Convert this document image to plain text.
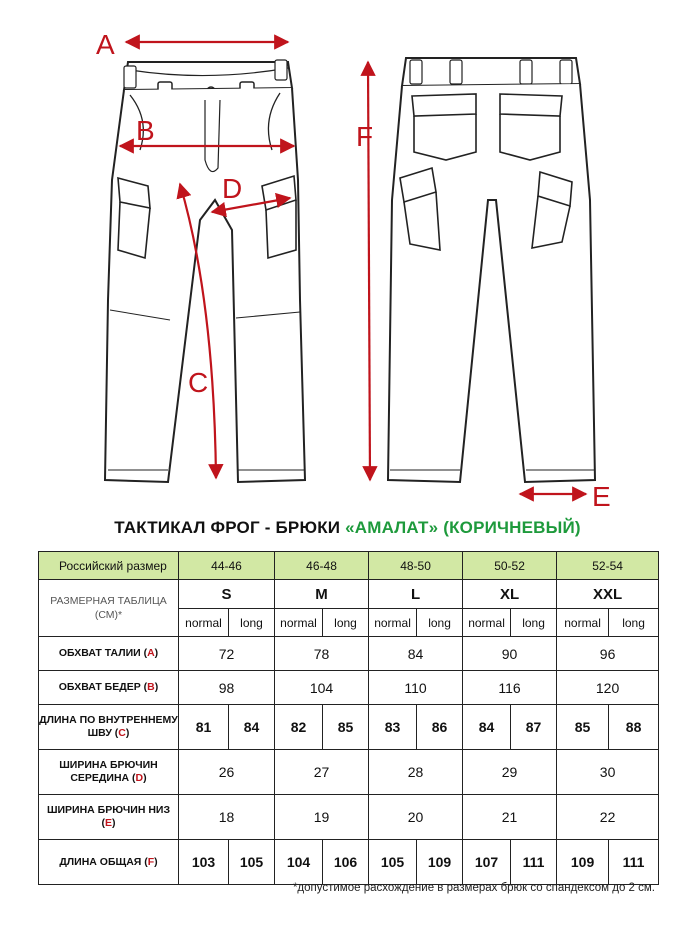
A
B
C
D
E
F
ТАКТИКАЛ ФРОГ - БРЮКИ «АМАЛАТ» (КОРИЧНЕВЫЙ)
Российский размер	44-46		46-48		48-50		50-52		52-54	
РАЗМЕРНАЯ ТАБЛИЦА (СМ)*	S		M		L		XL		XXL	
	normal	long	normal	long	normal	long	normal	long	normal	long
ОБХВАТ ТАЛИИ (A)	72		78		84		90		96	
ОБХВАТ БЕДЕР (B)	98		104		110		116		120	
ДЛИНА ПО ВНУТРЕННЕМУ ШВУ (C)	81	84	82	85	83	86	84	87	85	88
ШИРИНА БРЮЧИН СЕРЕДИНА (D)	26		27		28		29		30	
ШИРИНА БРЮЧИН НИЗ (E)	18		19		20		21		22	
ДЛИНА ОБЩАЯ (F)	103	105	104	106	105	109	107	111	109	111
*допустимое расхождение в размерах брюк со спандексом до 2 см.
